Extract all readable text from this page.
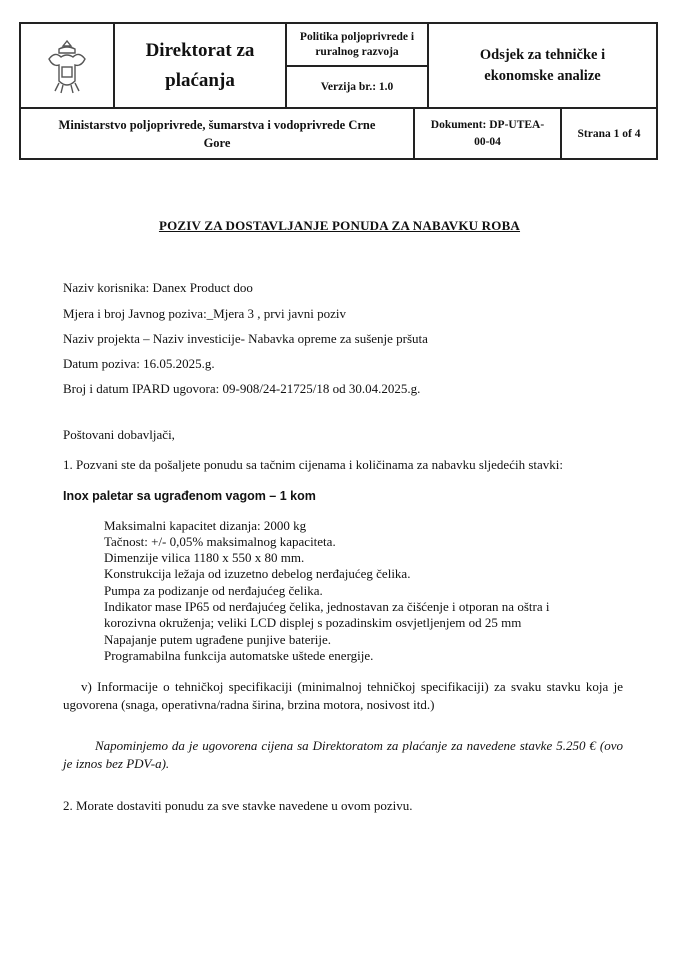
Direktorat za
plaćanja
Politika poljoprivrede i
ruralnog razvoja
Verzija br.: 1.0
Odsjek za tehničke i
ekonomske analize
Ministarstvo poljoprivrede, šumarstva i vodoprivrede Crne
Gore
Dokument: DP-UTEA-
00-04
Strana 1 of 4
POZIV ZA DOSTAVLJANJE PONUDA ZA NABAVKU ROBA
Naziv korisnika: Danex Product doo
Mjera i broj Javnog poziva:_Mjera 3 , prvi javni poziv
Naziv projekta – Naziv investicije- Nabavka opreme za sušenje pršuta
Datum poziva: 16.05.2025.g.
Broj i datum IPARD ugovora: 09-908/24-21725/18 od 30.04.2025.g.
Poštovani dobavljači,
1. Pozvani ste da pošaljete ponudu sa tačnim cijenama i količinama za nabavku sljedećih stavki:
Inox paletar sa ugrađenom vagom – 1 kom
Maksimalni kapacitet dizanja: 2000 kg
Tačnost: +/- 0,05% maksimalnog kapaciteta.
Dimenzije vilica 1180 x 550 x 80 mm.
Konstrukcija ležaja od izuzetno debelog nerđajućeg čelika.
Pumpa za podizanje od nerđajućeg čelika.
Indikator mase IP65 od nerđajućeg čelika, jednostavan za čišćenje i otporan na oštra i
korozivna okruženja; veliki LCD displej s pozadinskim osvjetljenjem od 25 mm
Napajanje putem ugrađene punjive baterije.
Programabilna funkcija automatske uštede energije.
v) Informacije o tehničkoj specifikaciji (minimalnoj tehničkoj specifikaciji) za svaku stavku koja je ugovorena (snaga, operativna/radna širina, brzina motora, nosivost itd.)
Napominjemo da je ugovorena cijena sa Direktoratom za plaćanje za navedene stavke 5.250 € (ovo je iznos bez PDV-a).
2. Morate dostaviti ponudu za sve stavke navedene u ovom pozivu.
